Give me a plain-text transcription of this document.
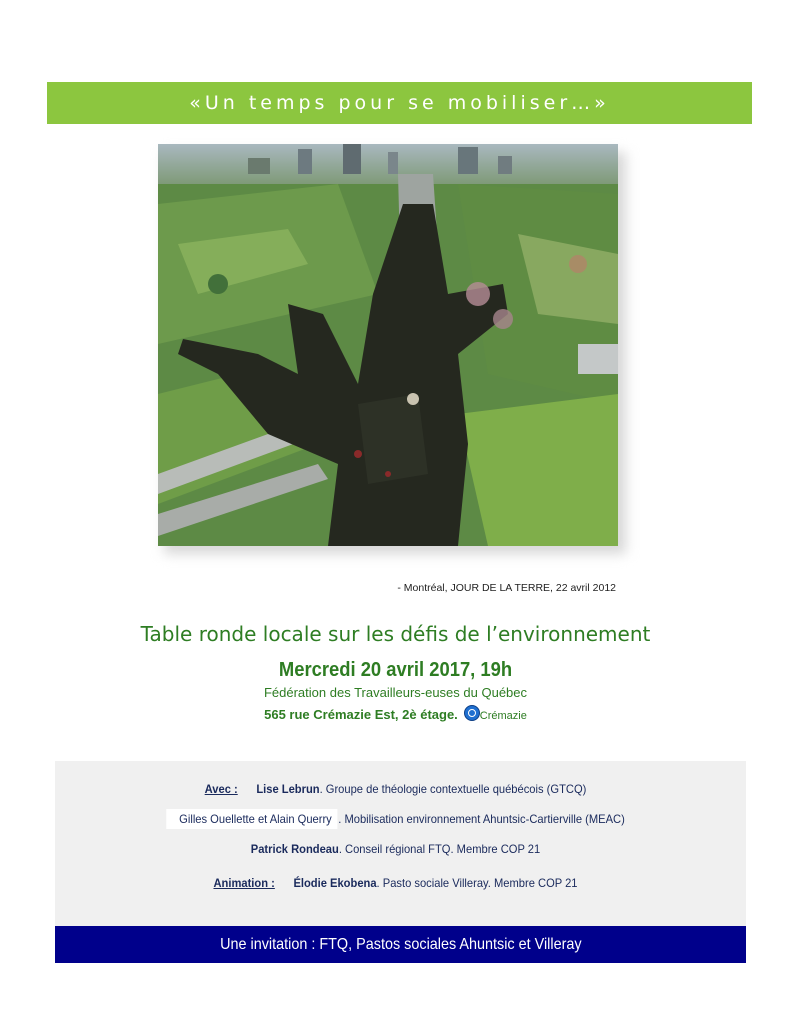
«Un temps pour se mobiliser…»
- Montréal, JOUR DE LA TERRE, 22 avril 2012
Table ronde locale sur les défis de l’environnement
Mercredi 20 avril 2017, 19h
Fédération des Travailleurs-euses du Québec
565 rue Crémazie Est, 2è étage. Crémazie
Avec : Lise Lebrun. Groupe de théologie contextuelle québécois (GTCQ)
Gilles Ouellette et Alain Querry . Mobilisation environnement Ahuntsic-Cartierville (MEAC)
Patrick Rondeau. Conseil régional FTQ. Membre COP 21
Animation : Élodie Ekobena. Pasto sociale Villeray. Membre COP 21
Une invitation : FTQ, Pastos sociales Ahuntsic et Villeray
